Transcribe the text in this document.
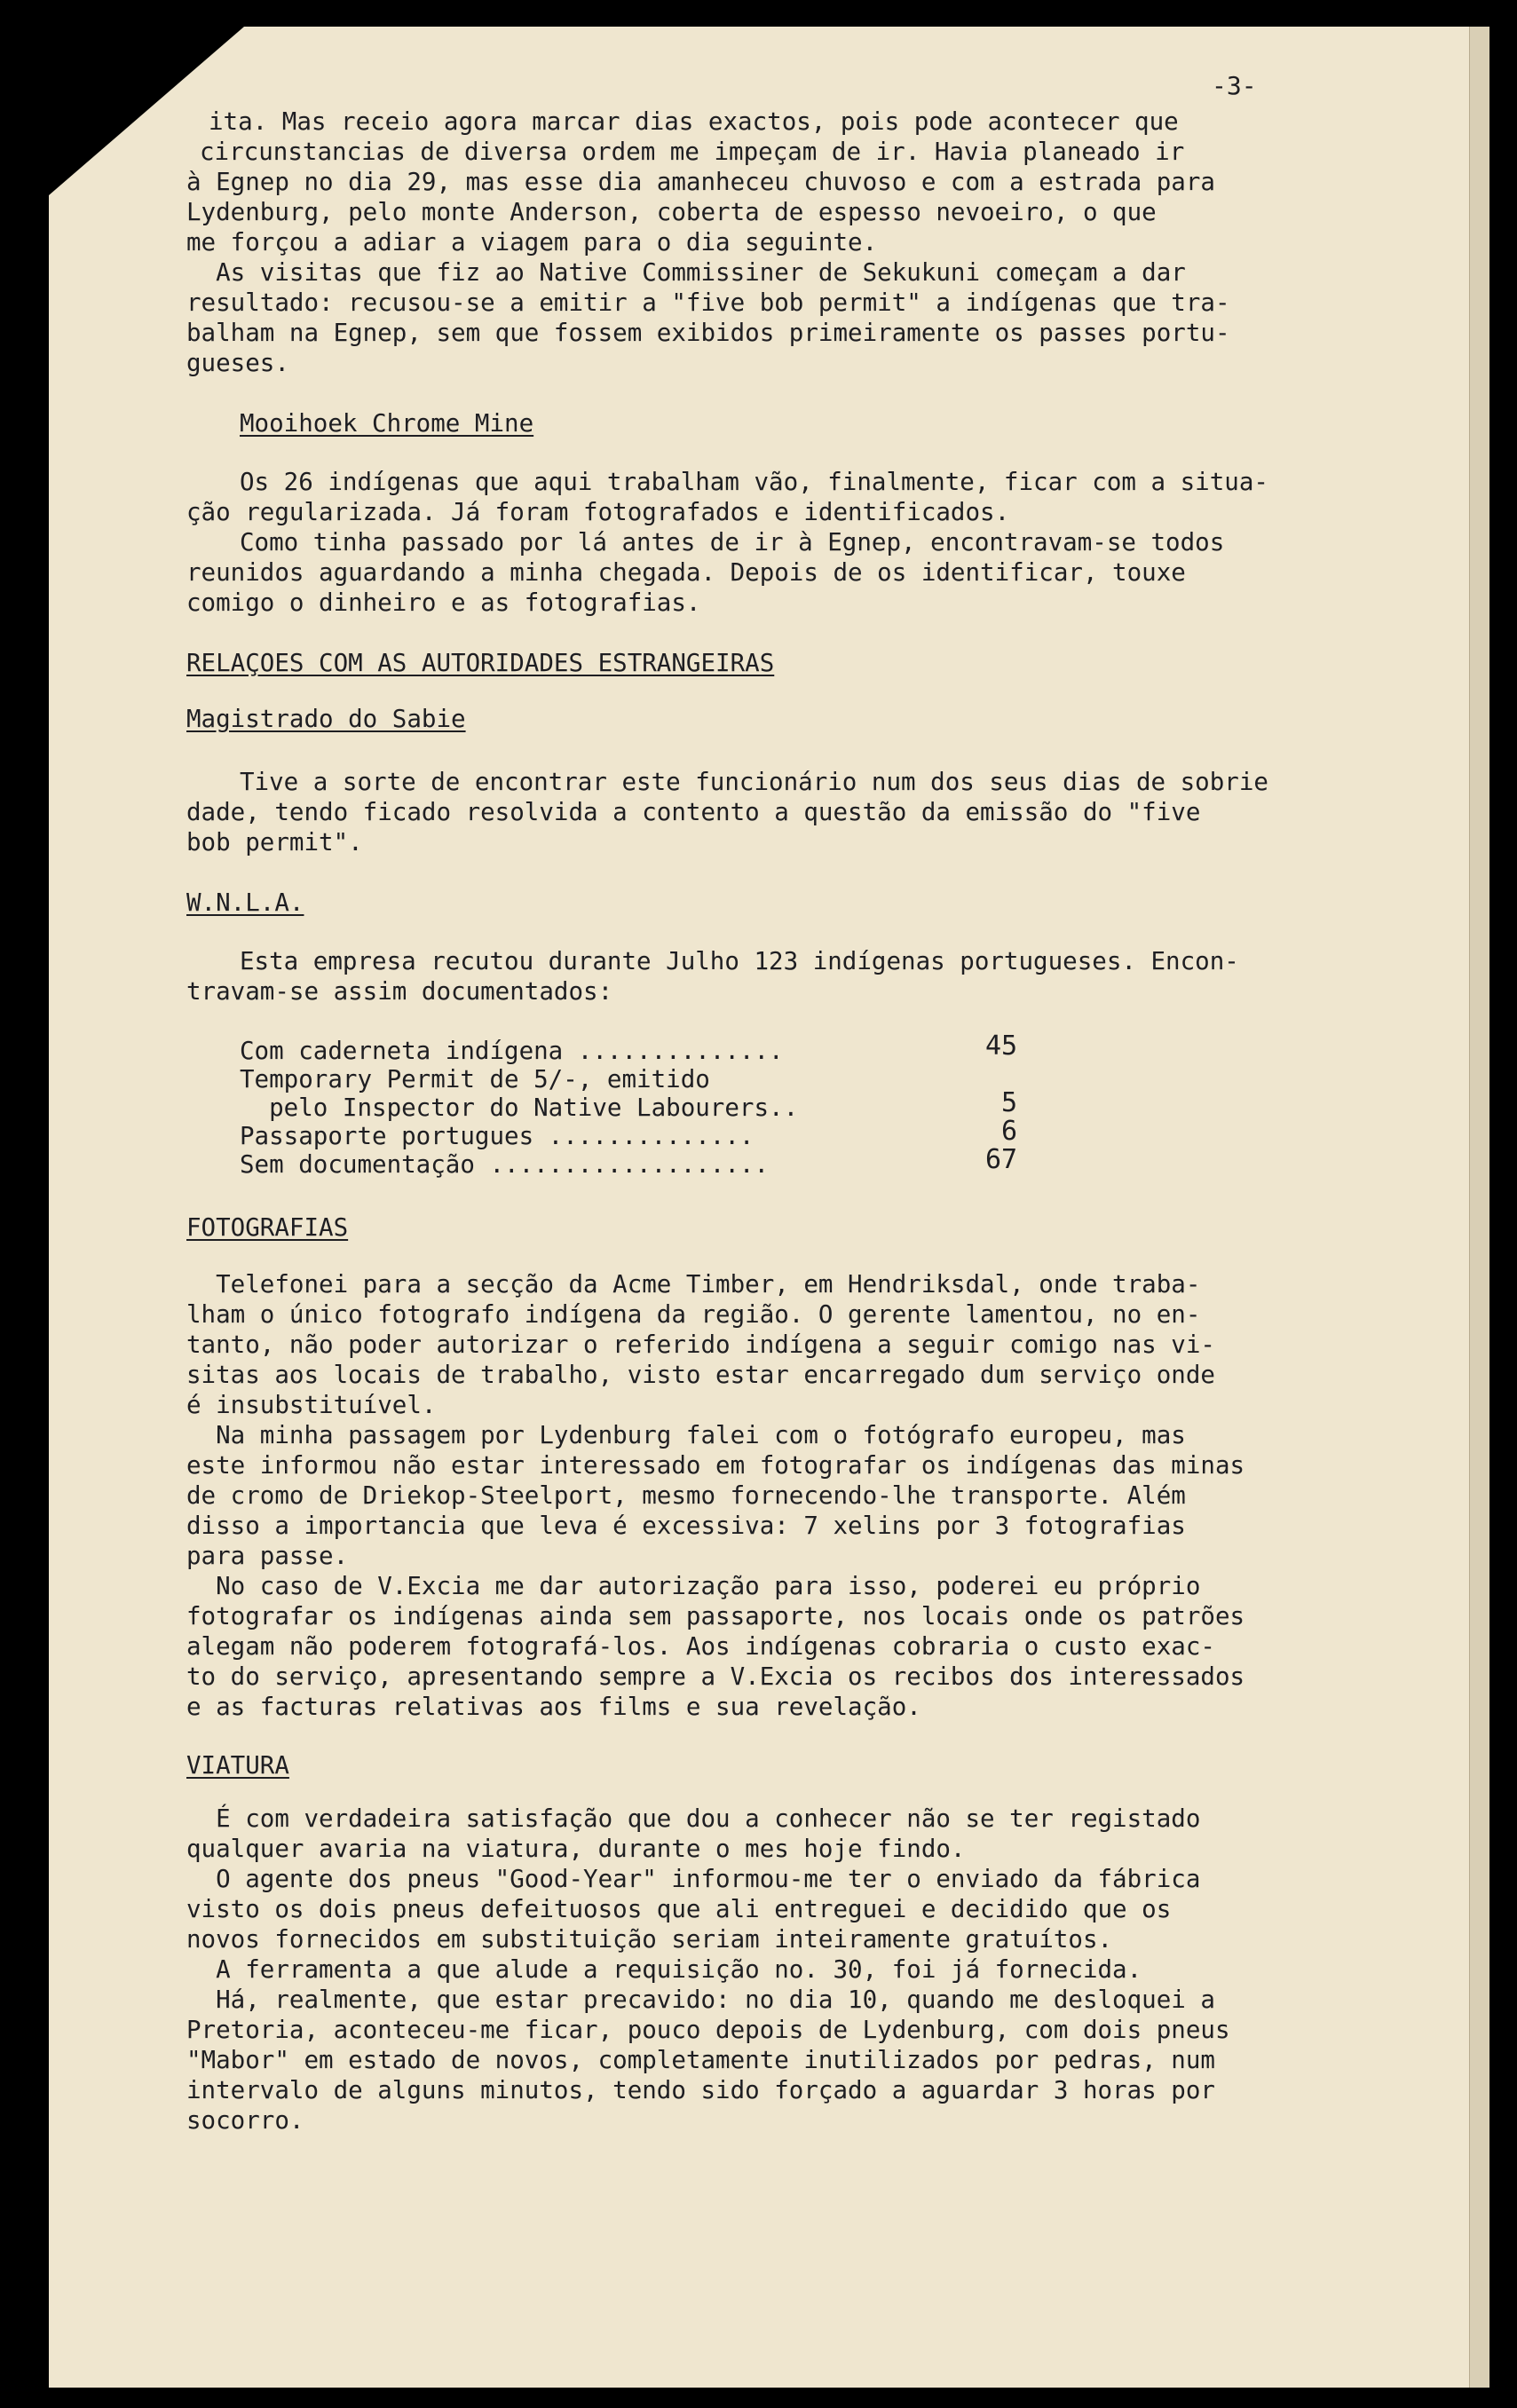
-3-
ita. Mas receio agora marcar dias exactos, pois pode acontecer que
circunstancias de diversa ordem me impeçam de ir. Havia planeado ir
à Egnep no dia 29, mas esse dia amanheceu chuvoso e com a estrada para
Lydenburg, pelo monte Anderson, coberta de espesso nevoeiro, o que
me forçou a adiar a viagem para o dia seguinte.
As visitas que fiz ao Native Commissiner de Sekukuni começam a dar
resultado: recusou-se a emitir a "five bob permit" a indígenas que tra-
balham na Egnep, sem que fossem exibidos primeiramente os passes portu-
gueses.
Mooihoek Chrome Mine
Os 26 indígenas que aqui trabalham vão, finalmente, ficar com a situa-
ção regularizada. Já foram fotografados e identificados.
Como tinha passado por lá antes de ir à Egnep, encontravam-se todos
reunidos aguardando a minha chegada. Depois de os identificar, touxe
comigo o dinheiro e as fotografias.
RELAÇOES COM AS AUTORIDADES ESTRANGEIRAS
Magistrado do Sabie
Tive a sorte de encontrar este funcionário num dos seus dias de sobrie
dade, tendo ficado resolvida a contento a questão da emissão do "five
bob permit".
W.N.L.A.
Esta empresa recutou durante Julho 123 indígenas portugueses. Encon-
travam-se assim documentados:
Com caderneta indígena ..............	45
Temporary Permit de 5/-, emitido
pelo Inspector do Native Labourers..	5
Passaporte portugues ..............	6
Sem documentação ...................	67
FOTOGRAFIAS
Telefonei para a secção da Acme Timber, em Hendriksdal, onde traba-
lham o único fotografo indígena da região. O gerente lamentou, no en-
tanto, não poder autorizar o referido indígena a seguir comigo nas vi-
sitas aos locais de trabalho, visto estar encarregado dum serviço onde
é insubstituível.
Na minha passagem por Lydenburg falei com o fotógrafo europeu, mas
este informou não estar interessado em fotografar os indígenas das minas
de cromo de Driekop-Steelport, mesmo fornecendo-lhe transporte. Além
disso a importancia que leva é excessiva: 7 xelins por 3 fotografias
para passe.
No caso de V.Excia me dar autorização para isso, poderei eu próprio
fotografar os indígenas ainda sem passaporte, nos locais onde os patrões
alegam não poderem fotografá-los. Aos indígenas cobraria o custo exac-
to do serviço, apresentando sempre a V.Excia os recibos dos interessados
e as facturas relativas aos films e sua revelação.
VIATURA
É com verdadeira satisfação que dou a conhecer não se ter registado
qualquer avaria na viatura, durante o mes hoje findo.
O agente dos pneus "Good-Year" informou-me ter o enviado da fábrica
visto os dois pneus defeituosos que ali entreguei e decidido que os
novos fornecidos em substituição seriam inteiramente gratuítos.
A ferramenta a que alude a requisição no. 30, foi já fornecida.
Há, realmente, que estar precavido: no dia 10, quando me desloquei a
Pretoria, aconteceu-me ficar, pouco depois de Lydenburg, com dois pneus
"Mabor" em estado de novos, completamente inutilizados por pedras, num
intervalo de alguns minutos, tendo sido forçado a aguardar 3 horas por
socorro.
